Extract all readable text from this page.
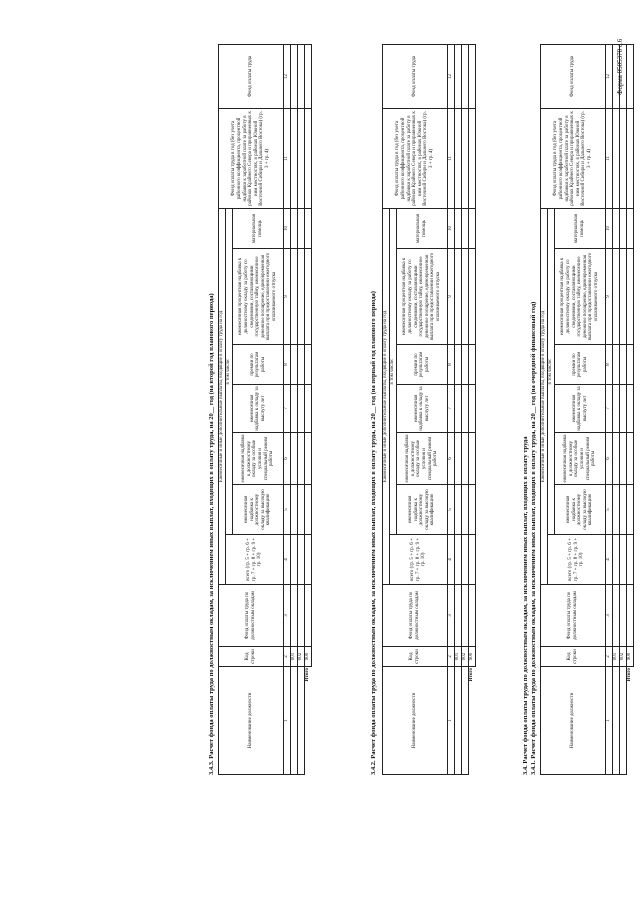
Форма 0505370 с.6
3.4. Расчет фонда оплаты труда по должностным окладам, за исключением иных выплат, входящих в оплату труда 3.4.1. Расчет фонда оплаты труда по должностным окладам, за исключением иных выплат, входящих в оплату труда, на 20__ год (на очередной финансовый год)	Наименование должности	Код строки	Фонд оплаты труда по должностным окладам	Ежемесячные и иные дополнительные выплаты, входящие в оплату труда на год							Фонд оплаты труда в год (без учета районного коэффициента, процентной надбавки к заработной плате за работу в районах Крайнего Севера и приравненных к ним местностях, в районах Южной Восточной Сибири и Дальнего Востока) (гр. 3 + гр. 4)	Фонд оплаты труда
			всего (гр. 5 + гр. 6 + гр. 7 + гр. 8 + гр. 9 + гр. 10)	в том числе:							
				ежемесячная надбавка к должностному окладу за высокую квалификацию	ежемесячная надбавка к должностному окладу за особые условия и специальный режим работы	ежемесячная надбавка к окладу за выслугу лет	премии по результатам работы	ежемесячная процентная надбавка к должностному окладу за работу со сведениями, составляющими государственную тайну, ежемесячное денежное поощрение, единовременная выплата при предоставлении ежегодного оплачиваемого отпуска	материальная помощь		
1	2	3	4	5	6	7	8	9	10	11	12
	001										
	002										
Итого	900										
3.4.2. Расчет фонда оплаты труда по должностным окладам, за исключением иных выплат, входящих в оплату труда, на 20__ год (на первый год планового периода)	Наименование должности	Код строки	Фонд оплаты труда по должностным окладам	Ежемесячные и иные дополнительные выплаты, входящие в оплату труда на год							Фонд оплаты труда в год (без учета районного коэффициента, процентной надбавки к заработной плате за работу в районах Крайнего Севера и приравненных к ним местностях, в районах Южной Восточной Сибири и Дальнего Востока) (гр. 3 + гр. 4)	Фонд оплаты труда
			всего (гр. 5 + гр. 6 + гр. 7 + гр. 8 + гр. 9 + гр. 10)	в том числе:							
				ежемесячная надбавка к должностному окладу за высокую квалификацию	ежемесячная надбавка к должностному окладу за особые условия и специальный режим работы	ежемесячная надбавка к окладу за выслугу лет	премии по результатам работы	ежемесячная процентная надбавка к должностному окладу за работу со сведениями, составляющими государственную тайну, ежемесячное денежное поощрение, единовременная выплата при предоставлении ежегодного оплачиваемого отпуска	материальная помощь		
1	2	3	4	5	6	7	8	9	10	11	12
	001										
	002										
Итого	900										
3.4.3. Расчет фонда оплаты труда по должностным окладам, за исключением иных выплат, входящих в оплату труда, на 20__ год (на второй год планового периода)	Наименование должности	Код строки	Фонд оплаты труда по должностным окладам	Ежемесячные и иные дополнительные выплаты, входящие в оплату труда на год							Фонд оплаты труда в год (без учета районного коэффициента, процентной надбавки к заработной плате за работу в районах Крайнего Севера и приравненных к ним местностях, в районах Южной Восточной Сибири и Дальнего Востока) (гр. 3 + гр. 4)	Фонд оплаты труда
			всего (гр. 5 + гр. 6 + гр. 7 + гр. 8 + гр. 9 + гр. 10)	в том числе:							
				ежемесячная надбавка к должностному окладу за высокую квалификацию	ежемесячная надбавка к должностному окладу за особые условия и специальный режим работы	ежемесячная надбавка к окладу за выслугу лет	премии по результатам работы	ежемесячная процентная надбавка к должностному окладу за работу со сведениями, составляющими государственную тайну, ежемесячное денежное поощрение, единовременная выплата при предоставлении ежегодного оплачиваемого отпуска	материальная помощь		
1	2	3	4	5	6	7	8	9	10	11	12
	001										
	002										
Итого	900										
